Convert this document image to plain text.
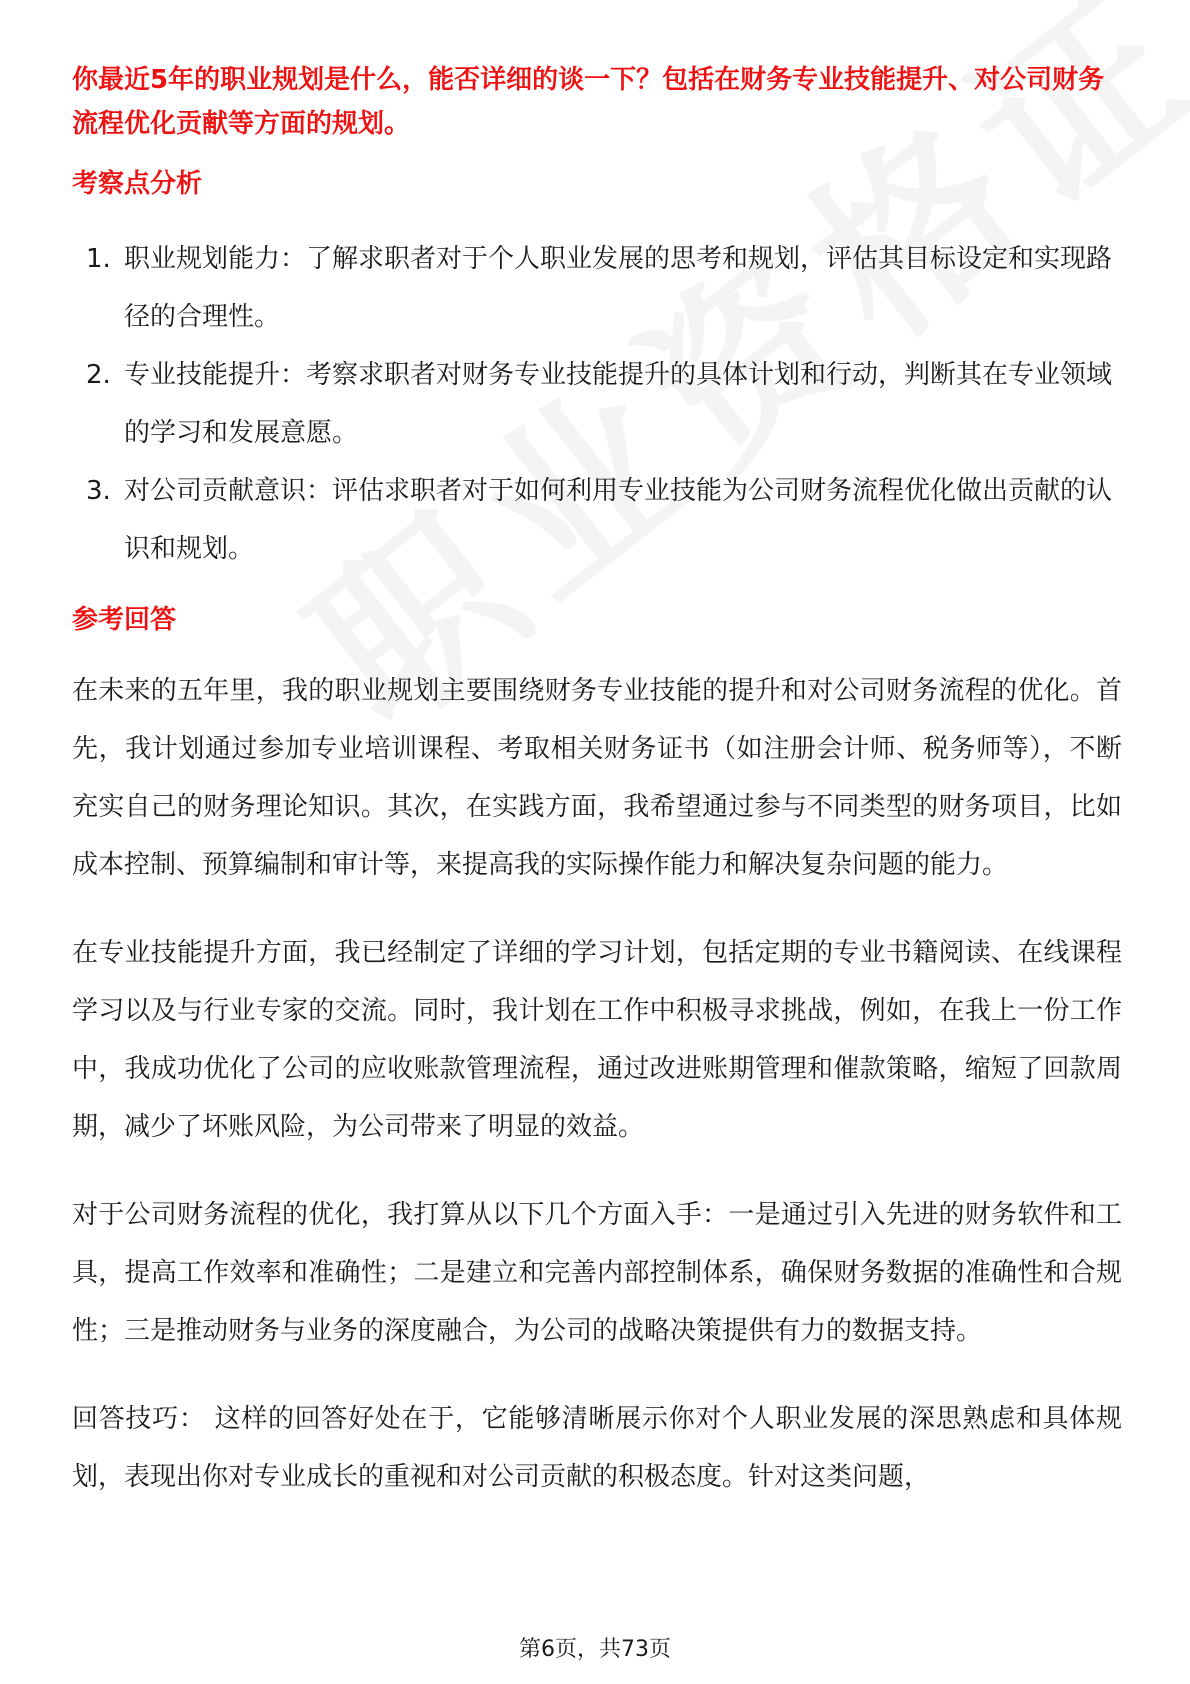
你最近5年的职业规划是什么，能否详细的谈一下？包括在财务专业技能提升、对公司财务流程优化贡献等方面的规划。

考察点分析
1. 职业规划能力：了解求职者对于个人职业发展的思考和规划，评估其目标设定和实现路径的合理性。
2. 专业技能提升：考察求职者对财务专业技能提升的具体计划和行动，判断其在专业领域的学习和发展意愿。
3. 对公司贡献意识：评估求职者对于如何利用专业技能为公司财务流程优化做出贡献的认识和规划。
参考回答

在未来的五年里，我的职业规划主要围绕财务专业技能的提升和对公司财务流程的优化。首先，我计划通过参加专业培训课程、考取相关财务证书（如注册会计师、税务师等），不断充实自己的财务理论知识。其次，在实践方面，我希望通过参与不同类型的财务项目，比如成本控制、预算编制和审计等，来提高我的实际操作能力和解决复杂问题的能力。

在专业技能提升方面，我已经制定了详细的学习计划，包括定期的专业书籍阅读、在线课程学习以及与行业专家的交流。同时，我计划在工作中积极寻求挑战，例如，在我上一份工作中，我成功优化了公司的应收账款管理流程，通过改进账期管理和催款策略，缩短了回款周期，减少了坏账风险，为公司带来了明显的效益。

对于公司财务流程的优化，我打算从以下几个方面入手：一是通过引入先进的财务软件和工具，提高工作效率和准确性；二是建立和完善内部控制体系，确保财务数据的准确性和合规性；三是推动财务与业务的深度融合，为公司的战略决策提供有力的数据支持。

回答技巧： 这样的回答好处在于，它能够清晰展示你对个人职业发展的深思熟虑和具体规划，表现出你对专业成长的重视和对公司贡献的积极态度。针对这类问题，

第6页，共73页
